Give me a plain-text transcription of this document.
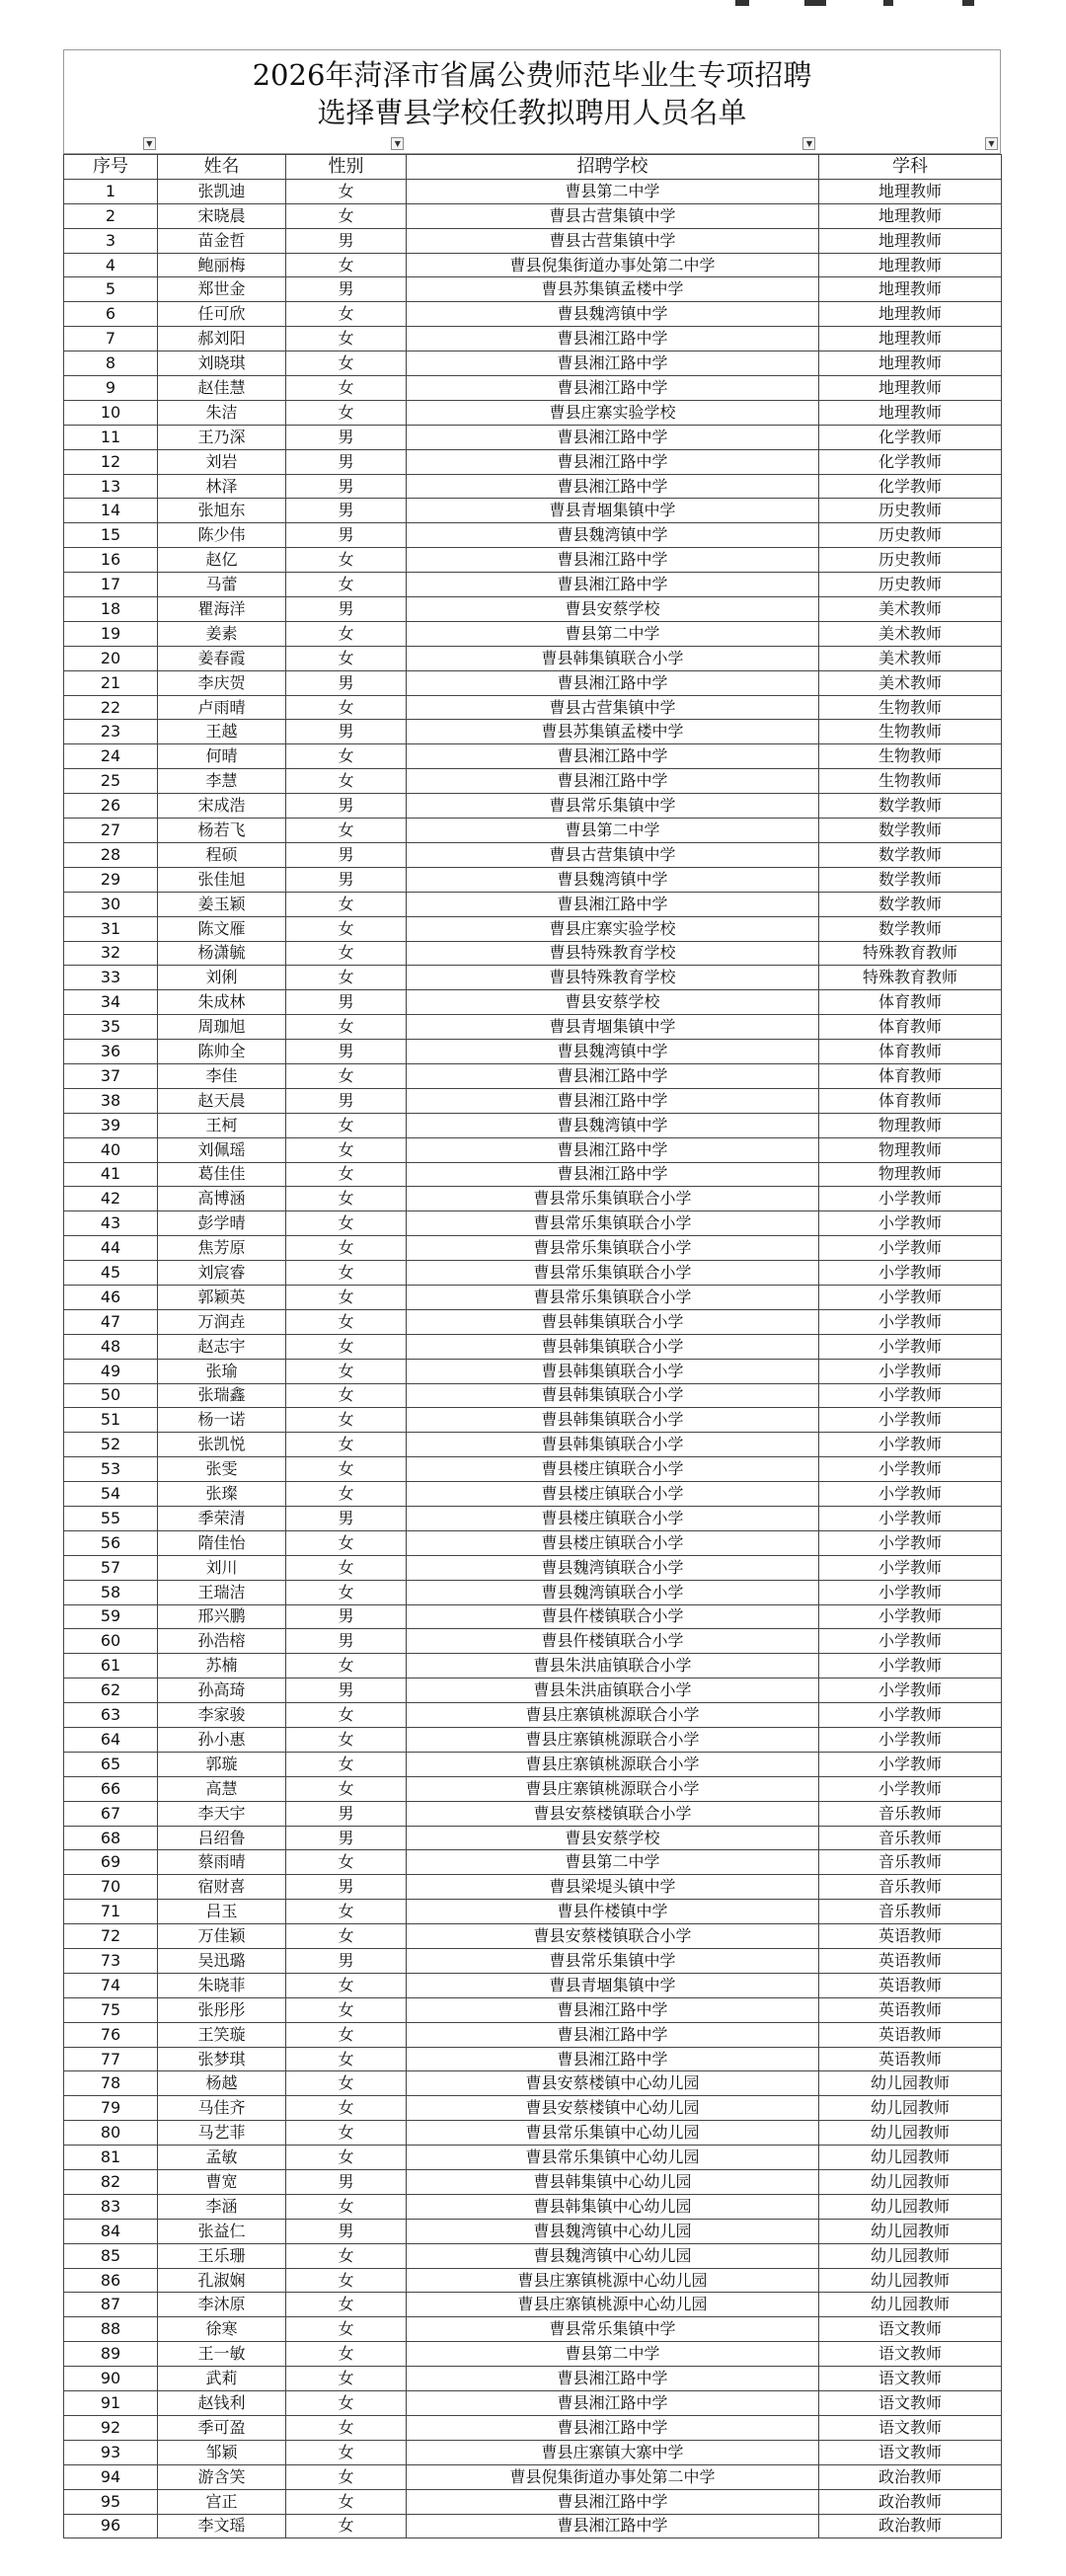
2026年菏泽市省属公费师范毕业生专项招聘
选择曹县学校任教拟聘用人员名单
▼	▼	▼	▼
序号	姓名	性别	招聘学校	学科
1	张凯迪	女	曹县第二中学	地理教师
2	宋晓晨	女	曹县古营集镇中学	地理教师
3	苗金哲	男	曹县古营集镇中学	地理教师
4	鲍丽梅	女	曹县倪集街道办事处第二中学	地理教师
5	郑世金	男	曹县苏集镇孟楼中学	地理教师
6	任可欣	女	曹县魏湾镇中学	地理教师
7	郝刘阳	女	曹县湘江路中学	地理教师
8	刘晓琪	女	曹县湘江路中学	地理教师
9	赵佳慧	女	曹县湘江路中学	地理教师
10	朱洁	女	曹县庄寨实验学校	地理教师
11	王乃深	男	曹县湘江路中学	化学教师
12	刘岩	男	曹县湘江路中学	化学教师
13	林泽	男	曹县湘江路中学	化学教师
14	张旭东	男	曹县青堌集镇中学	历史教师
15	陈少伟	男	曹县魏湾镇中学	历史教师
16	赵亿	女	曹县湘江路中学	历史教师
17	马蕾	女	曹县湘江路中学	历史教师
18	瞿海洋	男	曹县安蔡学校	美术教师
19	姜素	女	曹县第二中学	美术教师
20	姜春霞	女	曹县韩集镇联合小学	美术教师
21	李庆贺	男	曹县湘江路中学	美术教师
22	卢雨晴	女	曹县古营集镇中学	生物教师
23	王越	男	曹县苏集镇孟楼中学	生物教师
24	何晴	女	曹县湘江路中学	生物教师
25	李慧	女	曹县湘江路中学	生物教师
26	宋成浩	男	曹县常乐集镇中学	数学教师
27	杨若飞	女	曹县第二中学	数学教师
28	程硕	男	曹县古营集镇中学	数学教师
29	张佳旭	男	曹县魏湾镇中学	数学教师
30	姜玉颖	女	曹县湘江路中学	数学教师
31	陈文雁	女	曹县庄寨实验学校	数学教师
32	杨潇毓	女	曹县特殊教育学校	特殊教育教师
33	刘俐	女	曹县特殊教育学校	特殊教育教师
34	朱成林	男	曹县安蔡学校	体育教师
35	周珈旭	女	曹县青堌集镇中学	体育教师
36	陈帅全	男	曹县魏湾镇中学	体育教师
37	李佳	女	曹县湘江路中学	体育教师
38	赵天晨	男	曹县湘江路中学	体育教师
39	王柯	女	曹县魏湾镇中学	物理教师
40	刘佩瑶	女	曹县湘江路中学	物理教师
41	葛佳佳	女	曹县湘江路中学	物理教师
42	高博涵	女	曹县常乐集镇联合小学	小学教师
43	彭学晴	女	曹县常乐集镇联合小学	小学教师
44	焦芳原	女	曹县常乐集镇联合小学	小学教师
45	刘宸睿	女	曹县常乐集镇联合小学	小学教师
46	郭颖英	女	曹县常乐集镇联合小学	小学教师
47	万润垚	女	曹县韩集镇联合小学	小学教师
48	赵志宇	女	曹县韩集镇联合小学	小学教师
49	张瑜	女	曹县韩集镇联合小学	小学教师
50	张瑞鑫	女	曹县韩集镇联合小学	小学教师
51	杨一诺	女	曹县韩集镇联合小学	小学教师
52	张凯悦	女	曹县韩集镇联合小学	小学教师
53	张雯	女	曹县楼庄镇联合小学	小学教师
54	张璨	女	曹县楼庄镇联合小学	小学教师
55	季荣清	男	曹县楼庄镇联合小学	小学教师
56	隋佳怡	女	曹县楼庄镇联合小学	小学教师
57	刘川	女	曹县魏湾镇联合小学	小学教师
58	王瑞洁	女	曹县魏湾镇联合小学	小学教师
59	邢兴鹏	男	曹县仵楼镇联合小学	小学教师
60	孙浩榕	男	曹县仵楼镇联合小学	小学教师
61	苏楠	女	曹县朱洪庙镇联合小学	小学教师
62	孙高琦	男	曹县朱洪庙镇联合小学	小学教师
63	李家骏	女	曹县庄寨镇桃源联合小学	小学教师
64	孙小惠	女	曹县庄寨镇桃源联合小学	小学教师
65	郭璇	女	曹县庄寨镇桃源联合小学	小学教师
66	高慧	女	曹县庄寨镇桃源联合小学	小学教师
67	李天宇	男	曹县安蔡楼镇联合小学	音乐教师
68	吕绍鲁	男	曹县安蔡学校	音乐教师
69	蔡雨晴	女	曹县第二中学	音乐教师
70	宿财喜	男	曹县梁堤头镇中学	音乐教师
71	吕玉	女	曹县仵楼镇中学	音乐教师
72	万佳颖	女	曹县安蔡楼镇联合小学	英语教师
73	吴迅璐	男	曹县常乐集镇中学	英语教师
74	朱晓菲	女	曹县青堌集镇中学	英语教师
75	张彤彤	女	曹县湘江路中学	英语教师
76	王笑璇	女	曹县湘江路中学	英语教师
77	张梦琪	女	曹县湘江路中学	英语教师
78	杨越	女	曹县安蔡楼镇中心幼儿园	幼儿园教师
79	马佳齐	女	曹县安蔡楼镇中心幼儿园	幼儿园教师
80	马艺菲	女	曹县常乐集镇中心幼儿园	幼儿园教师
81	孟敏	女	曹县常乐集镇中心幼儿园	幼儿园教师
82	曹宽	男	曹县韩集镇中心幼儿园	幼儿园教师
83	李涵	女	曹县韩集镇中心幼儿园	幼儿园教师
84	张益仁	男	曹县魏湾镇中心幼儿园	幼儿园教师
85	王乐珊	女	曹县魏湾镇中心幼儿园	幼儿园教师
86	孔淑娴	女	曹县庄寨镇桃源中心幼儿园	幼儿园教师
87	李沐原	女	曹县庄寨镇桃源中心幼儿园	幼儿园教师
88	徐寒	女	曹县常乐集镇中学	语文教师
89	王一敏	女	曹县第二中学	语文教师
90	武莉	女	曹县湘江路中学	语文教师
91	赵钱利	女	曹县湘江路中学	语文教师
92	季可盈	女	曹县湘江路中学	语文教师
93	邹颖	女	曹县庄寨镇大寨中学	语文教师
94	游含笑	女	曹县倪集街道办事处第二中学	政治教师
95	宫正	女	曹县湘江路中学	政治教师
96	李文瑶	女	曹县湘江路中学	政治教师
